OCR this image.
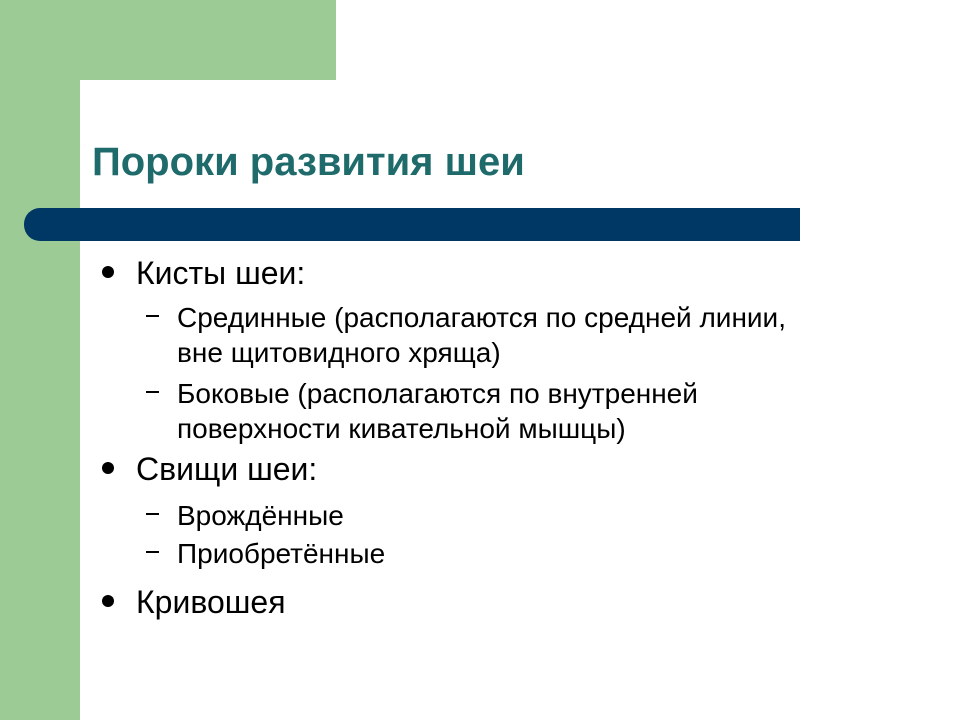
Пороки развития шеи
Кисты шеи:
Срединные (располагаются по средней линии,
вне щитовидного хряща)
Боковые (располагаются по внутренней
поверхности кивательной мышцы)
Свищи шеи:
Врождённые
Приобретённые
Кривошея
